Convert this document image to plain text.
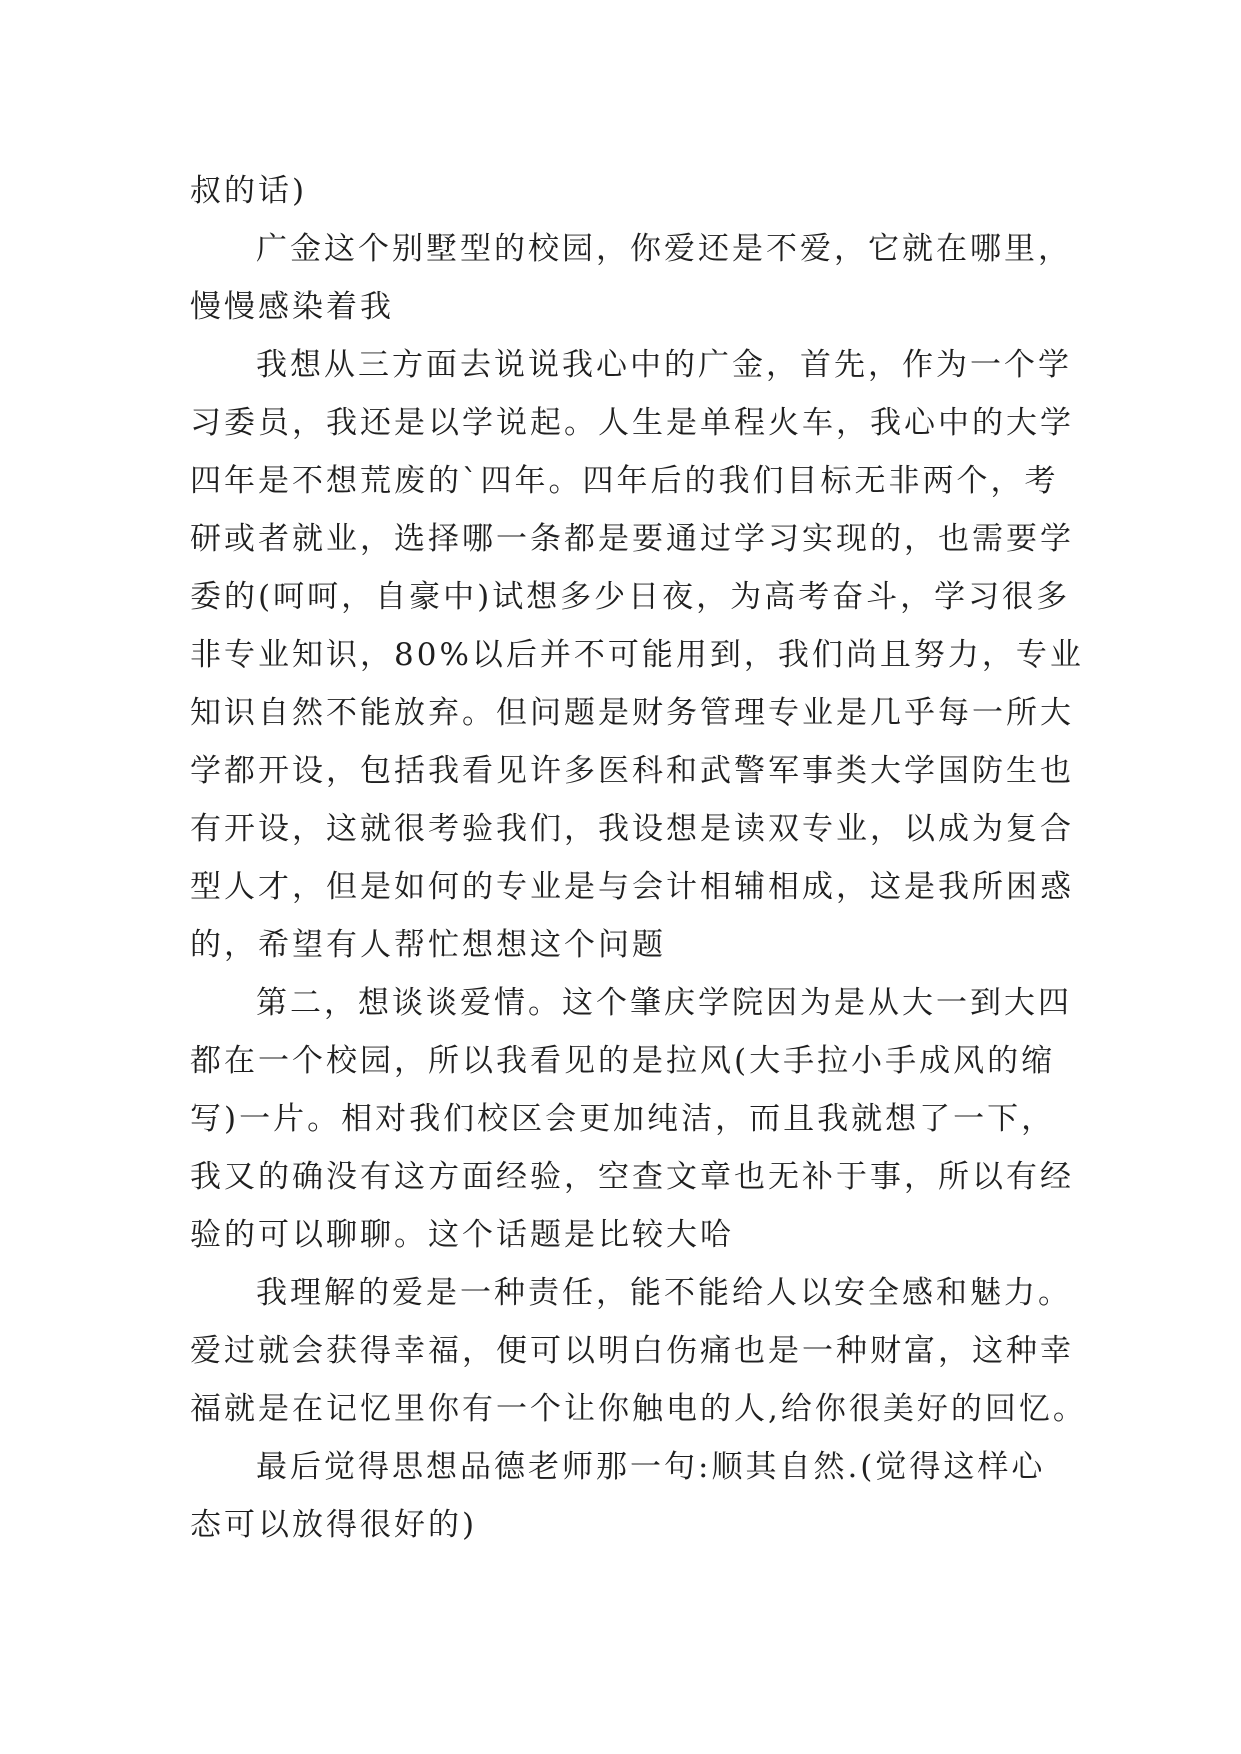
叔的话)
广金这个别墅型的校园，你爱还是不爱，它就在哪里，
慢慢感染着我
我想从三方面去说说我心中的广金，首先，作为一个学
习委员，我还是以学说起。人生是单程火车，我心中的大学
四年是不想荒废的`四年。四年后的我们目标无非两个，考
研或者就业，选择哪一条都是要通过学习实现的，也需要学
委的(呵呵，自豪中)试想多少日夜，为高考奋斗，学习很多
非专业知识，80%以后并不可能用到，我们尚且努力，专业
知识自然不能放弃。但问题是财务管理专业是几乎每一所大
学都开设，包括我看见许多医科和武警军事类大学国防生也
有开设，这就很考验我们，我设想是读双专业，以成为复合
型人才，但是如何的专业是与会计相辅相成，这是我所困惑
的，希望有人帮忙想想这个问题
第二，想谈谈爱情。这个肇庆学院因为是从大一到大四
都在一个校园，所以我看见的是拉风(大手拉小手成风的缩
写)一片。相对我们校区会更加纯洁，而且我就想了一下，
我又的确没有这方面经验，空查文章也无补于事，所以有经
验的可以聊聊。这个话题是比较大哈
我理解的爱是一种责任，能不能给人以安全感和魅力。
爱过就会获得幸福，便可以明白伤痛也是一种财富，这种幸
福就是在记忆里你有一个让你触电的人,给你很美好的回忆。
最后觉得思想品德老师那一句:顺其自然.(觉得这样心
态可以放得很好的)
